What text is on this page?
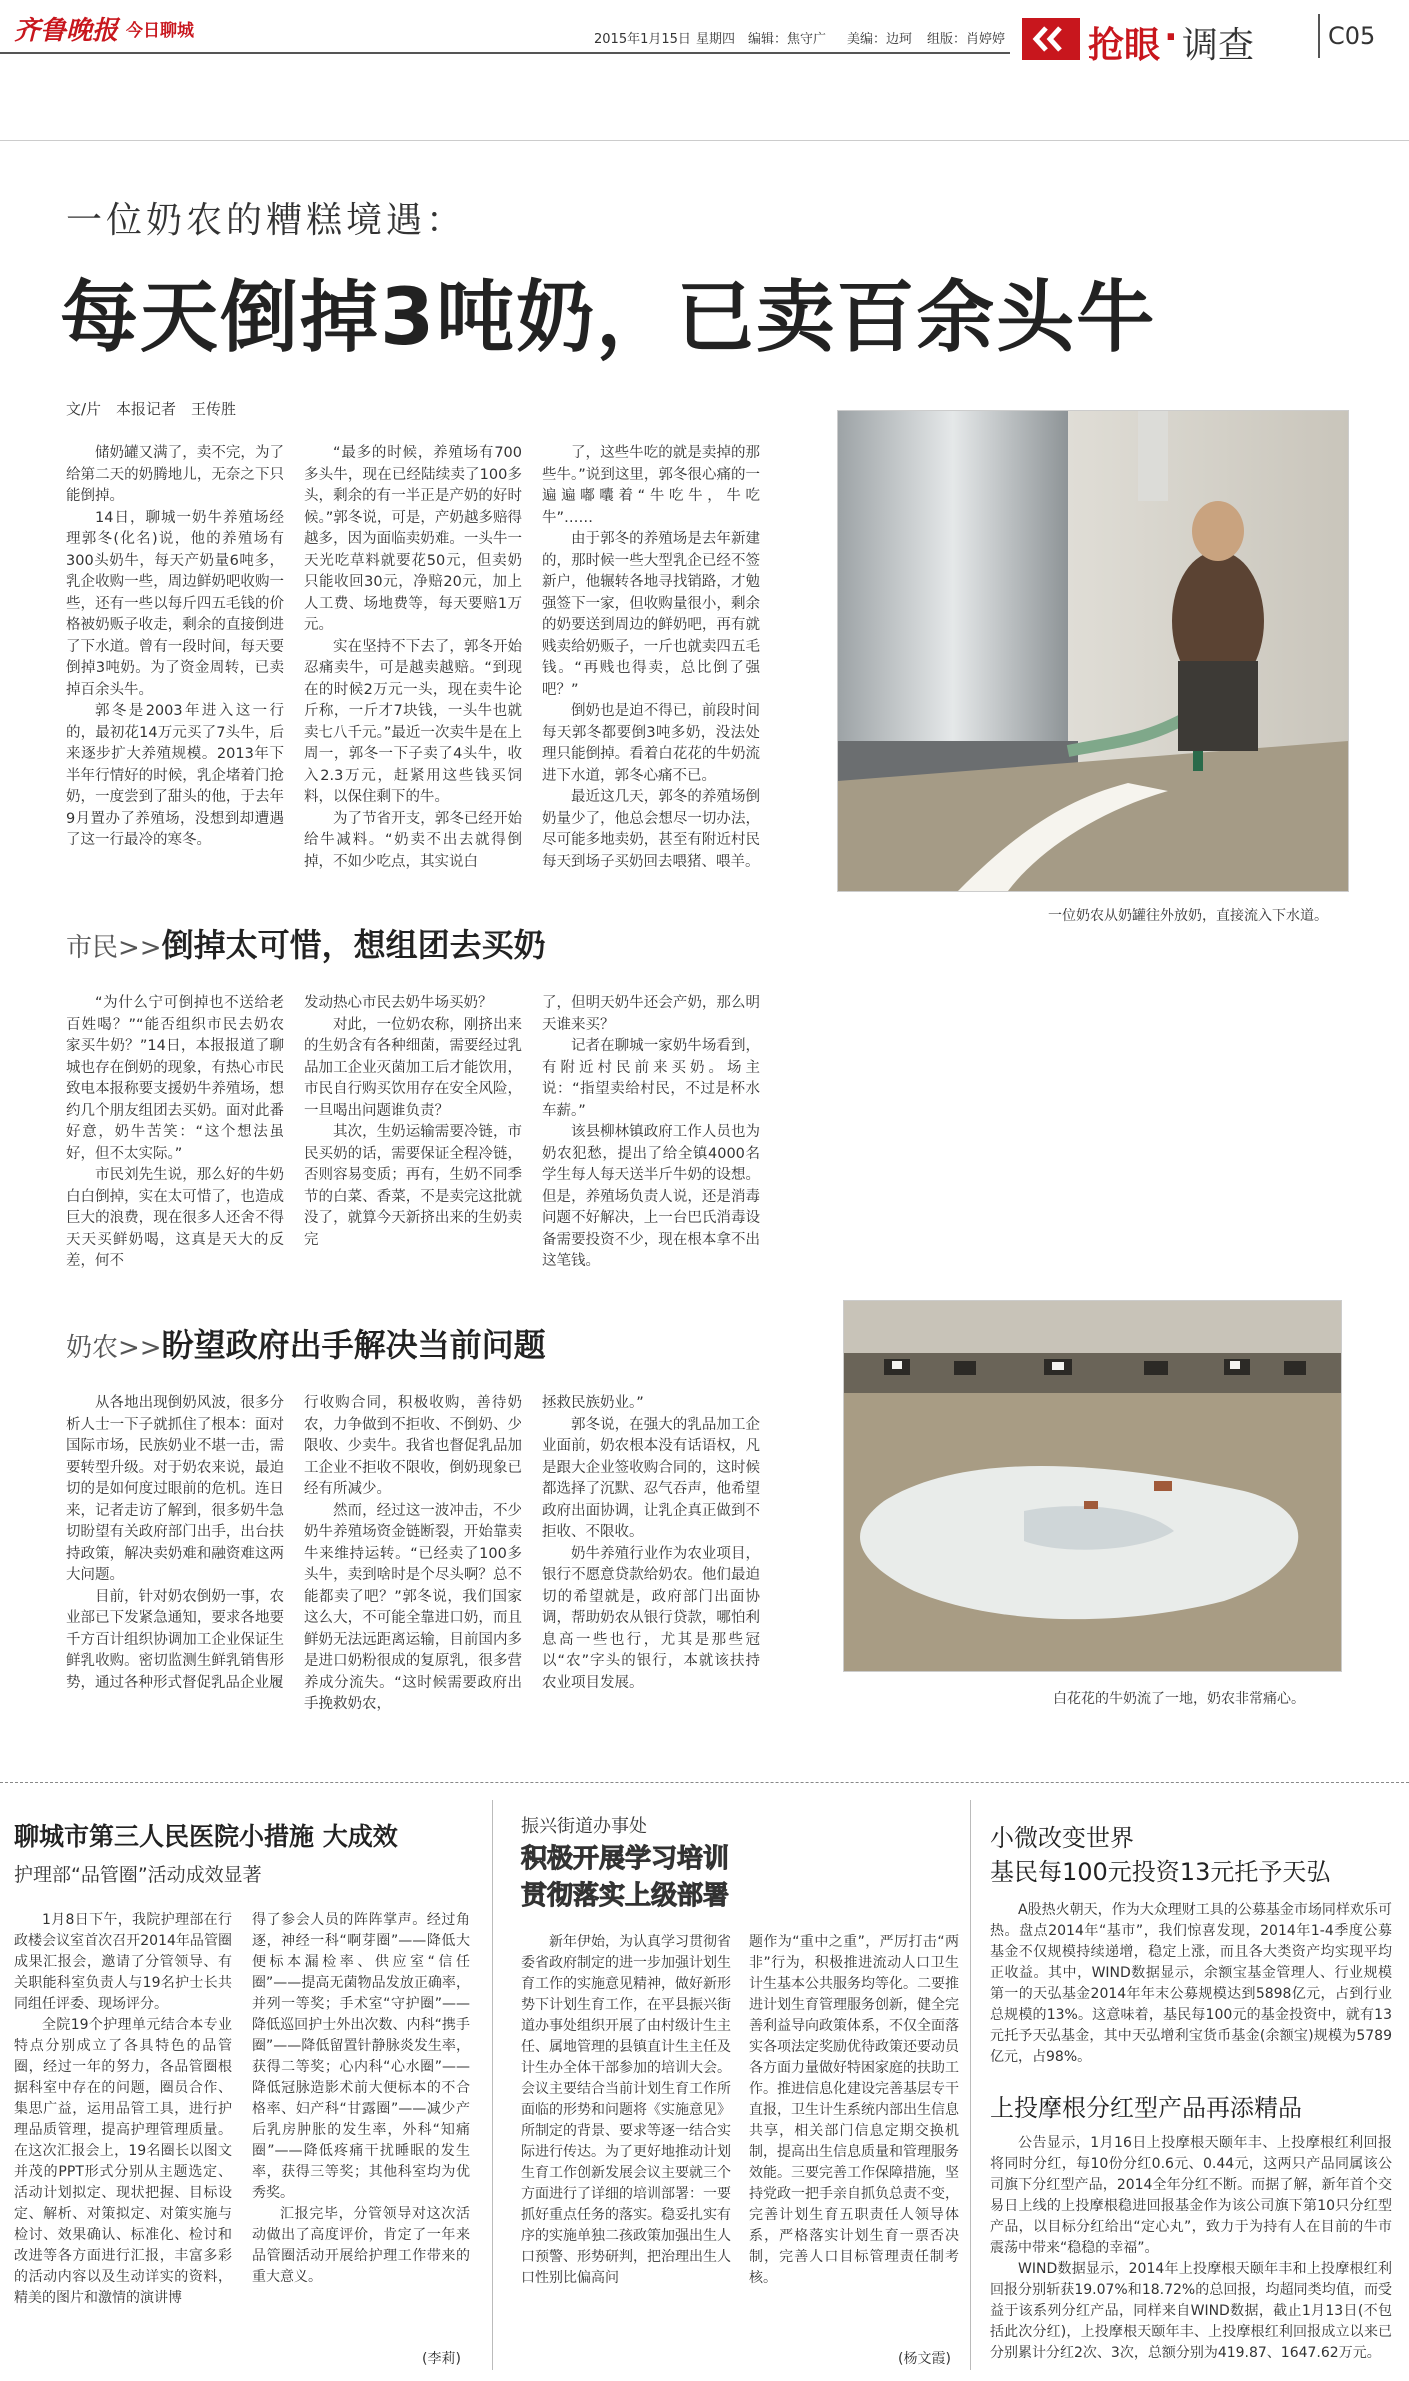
齐鲁晚报 今日聊城	2015年1月15日 星期四 编辑：焦守广 美编：边珂 组版：肖婷婷 抢眼 · 调查	C05
一位奶农的糟糕境遇：
每天倒掉3吨奶，已卖百余头牛
文/片　本报记者　王传胜

储奶罐又满了，卖不完，为了给第二天的奶腾地儿，无奈之下只能倒掉。

14日，聊城一奶牛养殖场经理郭冬(化名)说，他的养殖场有300头奶牛，每天产奶量6吨多，乳企收购一些，周边鲜奶吧收购一些，还有一些以每斤四五毛钱的价格被奶贩子收走，剩余的直接倒进了下水道。曾有一段时间，每天要倒掉3吨奶。为了资金周转，已卖掉百余头牛。

郭冬是2003年进入这一行的，最初花14万元买了7头牛，后来逐步扩大养殖规模。2013年下半年行情好的时候，乳企堵着门抢奶，一度尝到了甜头的他，于去年9月置办了养殖场，没想到却遭遇了这一行最冷的寒冬。

“最多的时候，养殖场有700多头牛，现在已经陆续卖了100多头，剩余的有一半正是产奶的好时候。”郭冬说，可是，产奶越多赔得越多，因为面临卖奶难。一头牛一天光吃草料就要花50元，但卖奶只能收回30元，净赔20元，加上人工费、场地费等，每天要赔1万元。

实在坚持不下去了，郭冬开始忍痛卖牛，可是越卖越赔。“到现在的时候2万元一头，现在卖牛论斤称，一斤才7块钱，一头牛也就卖七八千元。”最近一次卖牛是在上周一，郭冬一下子卖了4头牛，收入2.3万元，赶紧用这些钱买饲料，以保住剩下的牛。

为了节省开支，郭冬已经开始给牛减料。“奶卖不出去就得倒掉，不如少吃点，其实说白

了，这些牛吃的就是卖掉的那些牛。”说到这里，郭冬很心痛的一遍遍嘟囔着“牛吃牛，牛吃牛”……

由于郭冬的养殖场是去年新建的，那时候一些大型乳企已经不签新户，他辗转各地寻找销路，才勉强签下一家，但收购量很小，剩余的奶要送到周边的鲜奶吧，再有就贱卖给奶贩子，一斤也就卖四五毛钱。“再贱也得卖，总比倒了强吧？”

倒奶也是迫不得已，前段时间每天郭冬都要倒3吨多奶，没法处理只能倒掉。看着白花花的牛奶流进下水道，郭冬心痛不已。

最近这几天，郭冬的养殖场倒奶量少了，他总会想尽一切办法，尽可能多地卖奶，甚至有附近村民每天到场子买奶回去喂猪、喂羊。

一位奶农从奶罐往外放奶，直接流入下水道。
市民>>倒掉太可惜，想组团去买奶

“为什么宁可倒掉也不送给老百姓喝？”“能否组织市民去奶农家买牛奶？”14日，本报报道了聊城也存在倒奶的现象，有热心市民致电本报称要支援奶牛养殖场，想约几个朋友组团去买奶。面对此番好意，奶牛苦笑：“这个想法虽好，但不太实际。”

市民刘先生说，那么好的牛奶白白倒掉，实在太可惜了，也造成巨大的浪费，现在很多人还舍不得天天买鲜奶喝，这真是天大的反差，何不

发动热心市民去奶牛场买奶？

对此，一位奶农称，刚挤出来的生奶含有各种细菌，需要经过乳品加工企业灭菌加工后才能饮用，市民自行购买饮用存在安全风险，一旦喝出问题谁负责？

其次，生奶运输需要冷链，市民买奶的话，需要保证全程冷链，否则容易变质；再有，生奶不同季节的白菜、香菜，不是卖完这批就没了，就算今天新挤出来的生奶卖完

了，但明天奶牛还会产奶，那么明天谁来买？

记者在聊城一家奶牛场看到，有附近村民前来买奶。场主说：“指望卖给村民，不过是杯水车薪。”

该县柳林镇政府工作人员也为奶农犯愁，提出了给全镇4000名学生每人每天送半斤牛奶的设想。但是，养殖场负责人说，还是消毒问题不好解决，上一台巴氏消毒设备需要投资不少，现在根本拿不出这笔钱。

白花花的牛奶流了一地，奶农非常痛心。
奶农>>盼望政府出手解决当前问题

从各地出现倒奶风波，很多分析人士一下子就抓住了根本：面对国际市场，民族奶业不堪一击，需要转型升级。对于奶农来说，最迫切的是如何度过眼前的危机。连日来，记者走访了解到，很多奶牛急切盼望有关政府部门出手，出台扶持政策，解决卖奶难和融资难这两大问题。

目前，针对奶农倒奶一事，农业部已下发紧急通知，要求各地要千方百计组织协调加工企业保证生鲜乳收购。密切监测生鲜乳销售形势，通过各种形式督促乳品企业履

行收购合同，积极收购，善待奶农，力争做到不拒收、不倒奶、少限收、少卖牛。我省也督促乳品加工企业不拒收不限收，倒奶现象已经有所减少。

然而，经过这一波冲击，不少奶牛养殖场资金链断裂，开始靠卖牛来维持运转。“已经卖了100多头牛，卖到啥时是个尽头啊？总不能都卖了吧？”郭冬说，我们国家这么大，不可能全靠进口奶，而且鲜奶无法远距离运输，目前国内多是进口奶粉很成的复原乳，很多营养成分流失。“这时候需要政府出手挽救奶农，

拯救民族奶业。”

郭冬说，在强大的乳品加工企业面前，奶农根本没有话语权，凡是跟大企业签收购合同的，这时候都选择了沉默、忍气吞声，他希望政府出面协调，让乳企真正做到不拒收、不限收。

奶牛养殖行业作为农业项目，银行不愿意贷款给奶农。他们最迫切的希望就是，政府部门出面协调，帮助奶农从银行贷款，哪怕利息高一些也行，尤其是那些冠以“农”字头的银行，本就该扶持农业项目发展。

聊城市第三人民医院小措施 大成效
护理部“品管圈”活动成效显著

1月8日下午，我院护理部在行政楼会议室首次召开2014年品管圈成果汇报会，邀请了分管领导、有关职能科室负责人与19名护士长共同组任评委、现场评分。

全院19个护理单元结合本专业特点分别成立了各具特色的品管圈，经过一年的努力，各品管圈根据科室中存在的问题，圈员合作、集思广益，运用品管工具，进行护理品质管理，提高护理管理质量。在这次汇报会上，19名圈长以图文并茂的PPT形式分别从主题选定、活动计划拟定、现状把握、目标设定、解析、对策拟定、对策实施与检讨、效果确认、标准化、检讨和改进等各方面进行汇报，丰富多彩的活动内容以及生动详实的资料，精美的图片和激情的演讲博

得了参会人员的阵阵掌声。经过角逐，神经一科“啊芽圈”——降低大便标本漏检率、供应室“信任圈”——提高无菌物品发放正确率，并列一等奖；手术室“守护圈”——降低巡回护士外出次数、内科“携手圈”——降低留置针静脉炎发生率，获得二等奖；心内科“心水圈”——降低冠脉造影术前大便标本的不合格率、妇产科“甘露圈”——减少产后乳房肿胀的发生率，外科“知痛圈”——降低疼痛干扰睡眠的发生率，获得三等奖；其他科室均为优秀奖。

汇报完毕，分管领导对这次活动做出了高度评价，肯定了一年来品管圈活动开展给护理工作带来的重大意义。

(李莉)
振兴街道办事处
积极开展学习培训
贯彻落实上级部署

新年伊始，为认真学习贯彻省委省政府制定的进一步加强计划生育工作的实施意见精神，做好新形势下计划生育工作，在平县振兴街道办事处组织开展了由村级计生主任、属地管理的县镇直计生主任及计生办全体干部参加的培训大会。会议主要结合当前计划生育工作所面临的形势和问题将《实施意见》所制定的背景、要求等逐一结合实际进行传达。为了更好地推动计划生育工作创新发展会议主要就三个方面进行了详细的培训部署：一要抓好重点任务的落实。稳妥扎实有序的实施单独二孩政策加强出生人口预警、形势研判，把治理出生人口性别比偏高问

题作为“重中之重”，严厉打击“两非”行为，积极推进流动人口卫生计生基本公共服务均等化。二要推进计划生育管理服务创新，健全完善利益导向政策体系，不仅全面落实各项法定奖励优待政策还要动员各方面力量做好特困家庭的扶助工作。推进信息化建设完善基层专干直报，卫生计生系统内部出生信息共享，相关部门信息定期交换机制，提高出生信息质量和管理服务效能。三要完善工作保障措施，坚持党政一把手亲自抓负总责不变，完善计划生育五职责任人领导体系，严格落实计划生育一票否决制，完善人口目标管理责任制考核。

(杨文霞)
小微改变世界
基民每100元投资13元托予天弘

A股热火朝天，作为大众理财工具的公募基金市场同样欢乐可热。盘点2014年“基市”，我们惊喜发现，2014年1-4季度公募基金不仅规模持续递增，稳定上涨，而且各大类资产均实现平均正收益。其中，WIND数据显示，余额宝基金管理人、行业规模第一的天弘基金2014年年末公募规模达到5898亿元，占到行业总规模的13%。这意味着，基民每100元的基金投资中，就有13元托予天弘基金，其中天弘增利宝货币基金(余额宝)规模为5789亿元，占98%。

上投摩根分红型产品再添精品

公告显示，1月16日上投摩根天颐年丰、上投摩根红利回报将同时分红，每10份分红0.6元、0.44元，这两只产品同属该公司旗下分红型产品，2014全年分红不断。而据了解，新年首个交易日上线的上投摩根稳进回报基金作为该公司旗下第10只分红型产品，以目标分红给出“定心丸”，致力于为持有人在目前的牛市震荡中带来“稳稳的幸福”。

WIND数据显示，2014年上投摩根天颐年丰和上投摩根红利回报分别斩获19.07%和18.72%的总回报，均超同类均值，而受益于该系列分红产品，同样来自WIND数据，截止1月13日(不包括此次分红)，上投摩根天颐年丰、上投摩根红利回报成立以来已分别累计分红2次、3次，总额分别为419.87、1647.62万元。
